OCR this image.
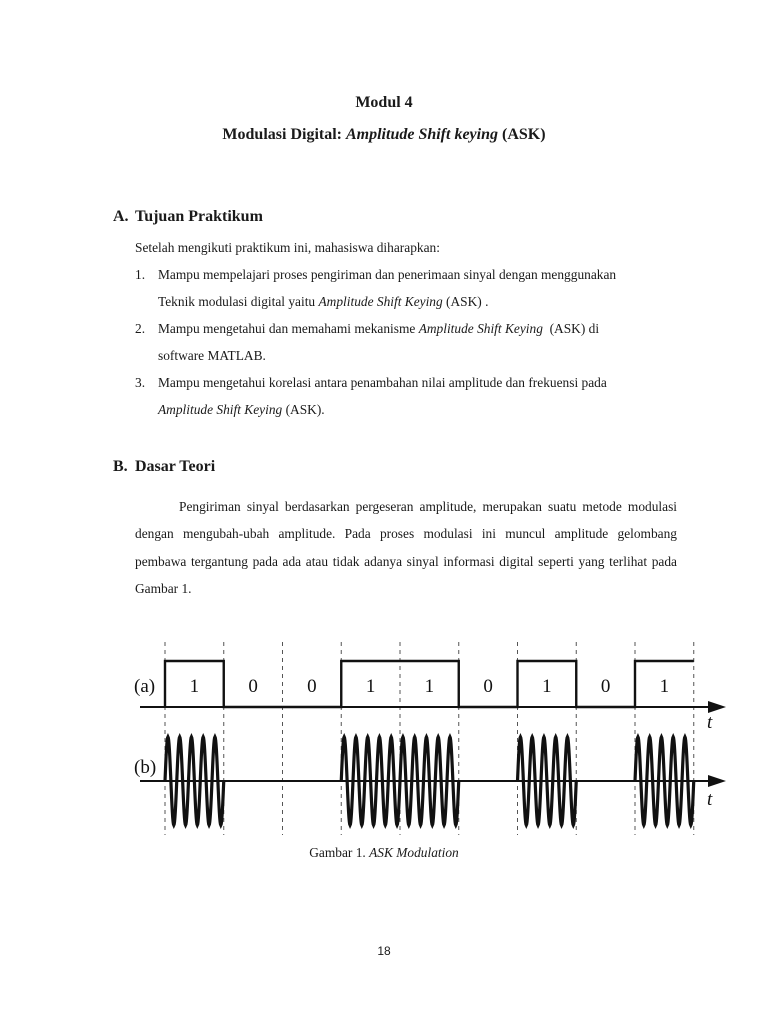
Modul 4
Modulasi Digital: Amplitude Shift keying (ASK)
A. Tujuan Praktikum
Setelah mengikuti praktikum ini, mahasiswa diharapkan:
1. Mampu mempelajari proses pengiriman dan penerimaan sinyal dengan menggunakan
Teknik modulasi digital yaitu Amplitude Shift Keying (ASK) .
2. Mampu mengetahui dan memahami mekanisme Amplitude Shift Keying  (ASK) di
software MATLAB.
3. Mampu mengetahui korelasi antara penambahan nilai amplitude dan frekuensi pada
Amplitude Shift Keying (ASK).
B. Dasar Teori
Pengiriman sinyal berdasarkan pergeseran amplitude, merupakan suatu metode modulasi dengan mengubah-ubah amplitude. Pada proses modulasi ini muncul amplitude gelombang pembawa tergantung pada ada atau tidak adanya sinyal informasi digital seperti yang terlihat pada Gambar 1.
1	0	0	1	1	0	1	0	1
(a)
(b)
t
t
Gambar 1. ASK Modulation
18
